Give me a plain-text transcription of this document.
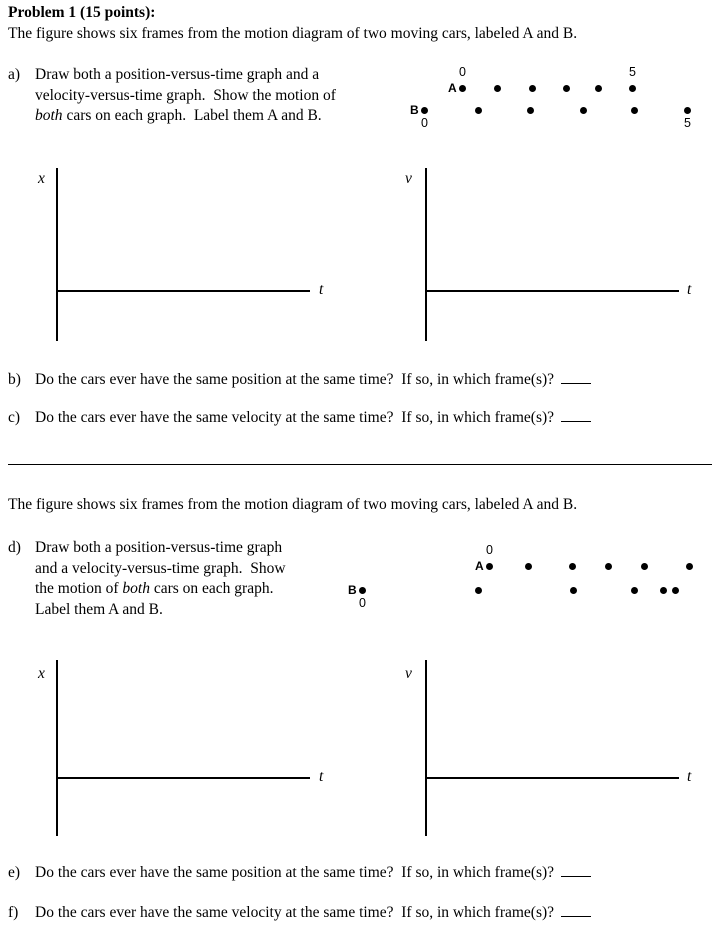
Problem 1 (15 points):
The figure shows six frames from the motion diagram of two moving cars, labeled A and B.
a) Draw both a position-versus-time graph and a
velocity-versus-time graph.  Show the motion of
both cars on each graph.  Label them A and B.
A
0	5
B
0	5
x
t
v
t
b) Do the cars ever have the same position at the same time?  If so, in which frame(s)?
c) Do the cars ever have the same velocity at the same time?  If so, in which frame(s)?
The figure shows six frames from the motion diagram of two moving cars, labeled A and B.
d) Draw both a position-versus-time graph
and a velocity-versus-time graph.  Show
the motion of both cars on each graph.
Label them A and B.
A
0
B
0
x
t
v
t
e) Do the cars ever have the same position at the same time?  If so, in which frame(s)?
f)	Do the cars ever have the same velocity at the same time?  If so, in which frame(s)?
